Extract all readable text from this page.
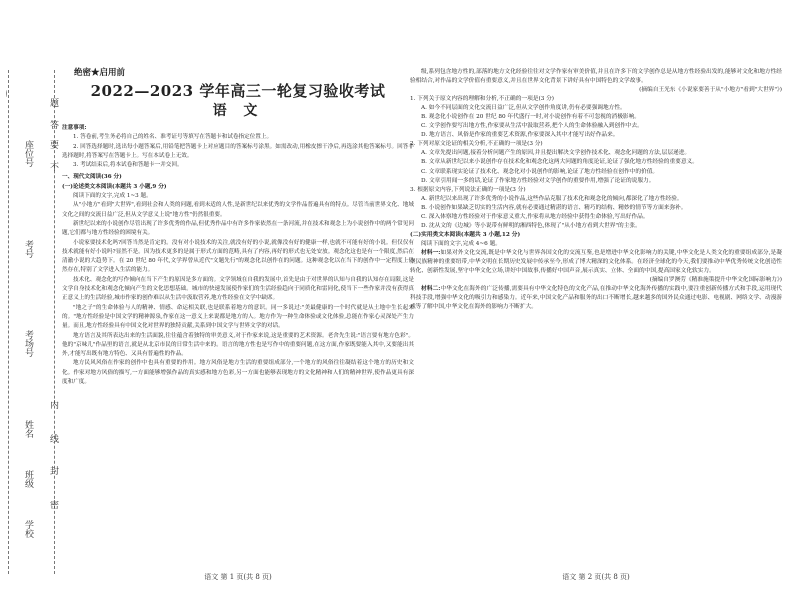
·····
题
答
要
不
内
线
封
密
座位号
考号
考场号
姓名
班级
学校
绝密★启用前
2022—2023 学年高三一轮复习验收考试
语 文

注意事项:

1. 答卷前,考生务必将自己的姓名、准考证号等填写在答题卡和试卷指定位置上。

2. 回答选择题时,选出每小题答案后,用铅笔把答题卡上对应题目的答案标号涂黑。如需改动,用橡皮擦干净后,再选涂其他答案标号。回答非选择题时,将答案写在答题卡上。写在本试卷上无效。

3. 考试结束后,将本试卷和答题卡一并交回。

一、现代文阅读(36 分)

(一)论述类文本阅读(本题共 3 小题,9 分)

阅读下面的文字,完成 1~3 题。

从"小地方"看到"大世界",看到社会和人类的问题,看到未适的人性,是新世纪以来优秀的文学作品普遍具有的特点。尽管当前世界文化、地域文化之间的交流日益广泛,但从文学意义上说"地方性"仍然很重要。

新世纪以来的小说创作尽管出现了许多优秀的作品,但优秀作品中有许多作家依然在一条河流,并在技术和观念上为小说创作中的两个常见问题,它们都与地方性经验的困境有关。

小说家要技术化吗?回答当然是肯定的。没有对小说技术的关注,就没有好的小说,就像没有好的健康一样,也就不可能有好的小说。但仅仅有技术就能有好小说吗?显然不是。因为技术更多的是属于形式方面的范畴,具有了内容,再好的形式也无处安放。观念化这也是有一个限度,然后在清澈小说的大趋势下。在 20 世纪 80 年代,文学界曾从近代"文题先行"的观念化以创作在的问题。这种观念化以在当下的创作中一定程度上仍然存在,特别了文学进入生活的能力。

技术化、观念化的写作倾向在当下产生的原因是多方面的。文学领域在自我的发展中,首先是由于对世界的认知与自我的认知存在局限,这是文学自身技术化和观念化倾向产生的文化思想基础。城市的快速发展使作家们的生活经验趋向于同质化和雷同化,使当下一些作家并没有获得真正意义上的生活经验,城市作家的创作难以从生活中汲取营养,地方性经验在文学中缺席。

"地之子"的生命体验与人的精神、情感、命运相关联,也是联系着地方的意识。同一多说过:"美最健康的一个时代就是从土地中生长起来的。"地方性经验是中国文学的精神源泉,作家在这一意义上来说都是地方的人。地方作为一种生命体验或文化体验,总能在作家心灵深处产生力量。而且,地方性经验具有中国文化对世界的独特贡献,关系到中国文学与世界文学的对话。

地方语言及其所表达出来的生活面貌,往往蕴含着独特的审美意义,对于作家来说,这是重要的艺术资源。老舍先生说:"语言要有地方色彩"。他的"京味儿"作品里的语言,就是从北京市民的日常生活中来的。语言的地方性也是写作中的重要问题,在这方面,作家既要能入其中,又要能出其外,才能写出既有地方特色、又具有普遍性的作品。

地方民风风俗在作家的创作中也具有重要的作用。地方风俗是地方生活的重要组成部分,一个地方的风俗往往凝结着这个地方的历史和文化。作家对地方风俗的描写,一方面能够增强作品的真实感和地方色彩,另一方面也能够表现地方的文化精神和人们的精神世界,使作品更具有深度和广度。

语文 第 1 页(共 8 页)

级,系列包含地方性的,部落的地方文化经验往往对文学作家有审美价值,并且在许多下的文学创作总是从地方性经验出发的,能够对文化和地方性经验相结合,对作品的文学价值有重要意义,并且在世界文化背景下讲好具有中国特色的文学故事。

(摘编自王光东《小说家要善于从"小地方"看到"大世界"》)

1. 下列关于原文内容的理解和分析,不正确的一项是(3 分)

A. 如今不同层面的文化交流日益广泛,但从文学创作角度讲,仍有必要强调地方性。

B. 观念化小说创作在 20 世纪 80 年代盛行一时,对小说创作有着不可忽视的消极影响。

C. 文学创作要写出地方性,作家要从生活中汲取营养,把个人的生命体验融入到创作中去。

D. 地方语言、风俗是作家的重要艺术资源,作家要深入其中才能写出好作品来。

2. 下列对原文论证的相关分析,不正确的一项是(3 分)

A. 文章先提出问题,接着分析问题产生的原因,并且提出解决文学创作技术化、观念化问题的方法,层层递进。

B. 文章从新世纪以来小说创作存在技术化和观念化这两大问题的角度论证,论证了强化地方性经验的重要意义。

C. 文章联系现实论证了技术化、观念化对小说创作的影响,论证了地方性经验在创作中的价值。

D. 文章引用闻一多的话,论证了作家地方性经验对文学创作的重要作用,增强了论证的说服力。

3. 根据原文内容,下列说法正确的一项是(3 分)

A. 新世纪以来出现了许多优秀的小说作品,这些作品克服了技术化和观念化的倾向,都深化了地方性经验。

B. 小说创作如果缺乏切实的生活内容,就有必要通过精湛的语言、精巧的结构、精妙的情节等方面来弥补。

C. 深入体察地方性经验对于作家意义重大,作家将从地方经验中获得生命体验,写出好作品。

D. 沈从文的《边城》等小说带有鲜明的湘西特色,体现了"从小地方看到大世界"的主张。

(二)实用类文本阅读(本题共 3 小题,12 分)

阅读下面的文字,完成 4~6 题。

材料一:如果对外文化交流,既是中华文化与世界各国文化的交流互鉴,也是增进中华文化影响力的关键,中华文化是人类文化的重要组成部分,是凝聚民族精神的重要纽带,中华文明在长期历史发展中传承至今,形成了博大精深的文化体系。在经济全球化的今天,我们要推动中华优秀传统文化创造性转化、创新性发展,坚守中华文化立场,讲好中国故事,传播好中国声音,展示真实、立体、全面的中国,提高国家文化软实力。

(摘编自罗澳劳《精准施策提升中华文化国际影响力》)

材料二:中华文化在海外的广泛传播,需要具有中华文化特色的文化产品,在推动中华文化海外传播的实践中,要注重创新传播方式和手段,运用现代科技手段,增强中华文化的吸引力和感染力。近年来,中国文化产品和服务的出口不断增长,越来越多的国外民众通过电影、电视剧、网络文学、动漫游戏等了解中国,中华文化在海外的影响力不断扩大。

语文 第 2 页(共 8 页)
